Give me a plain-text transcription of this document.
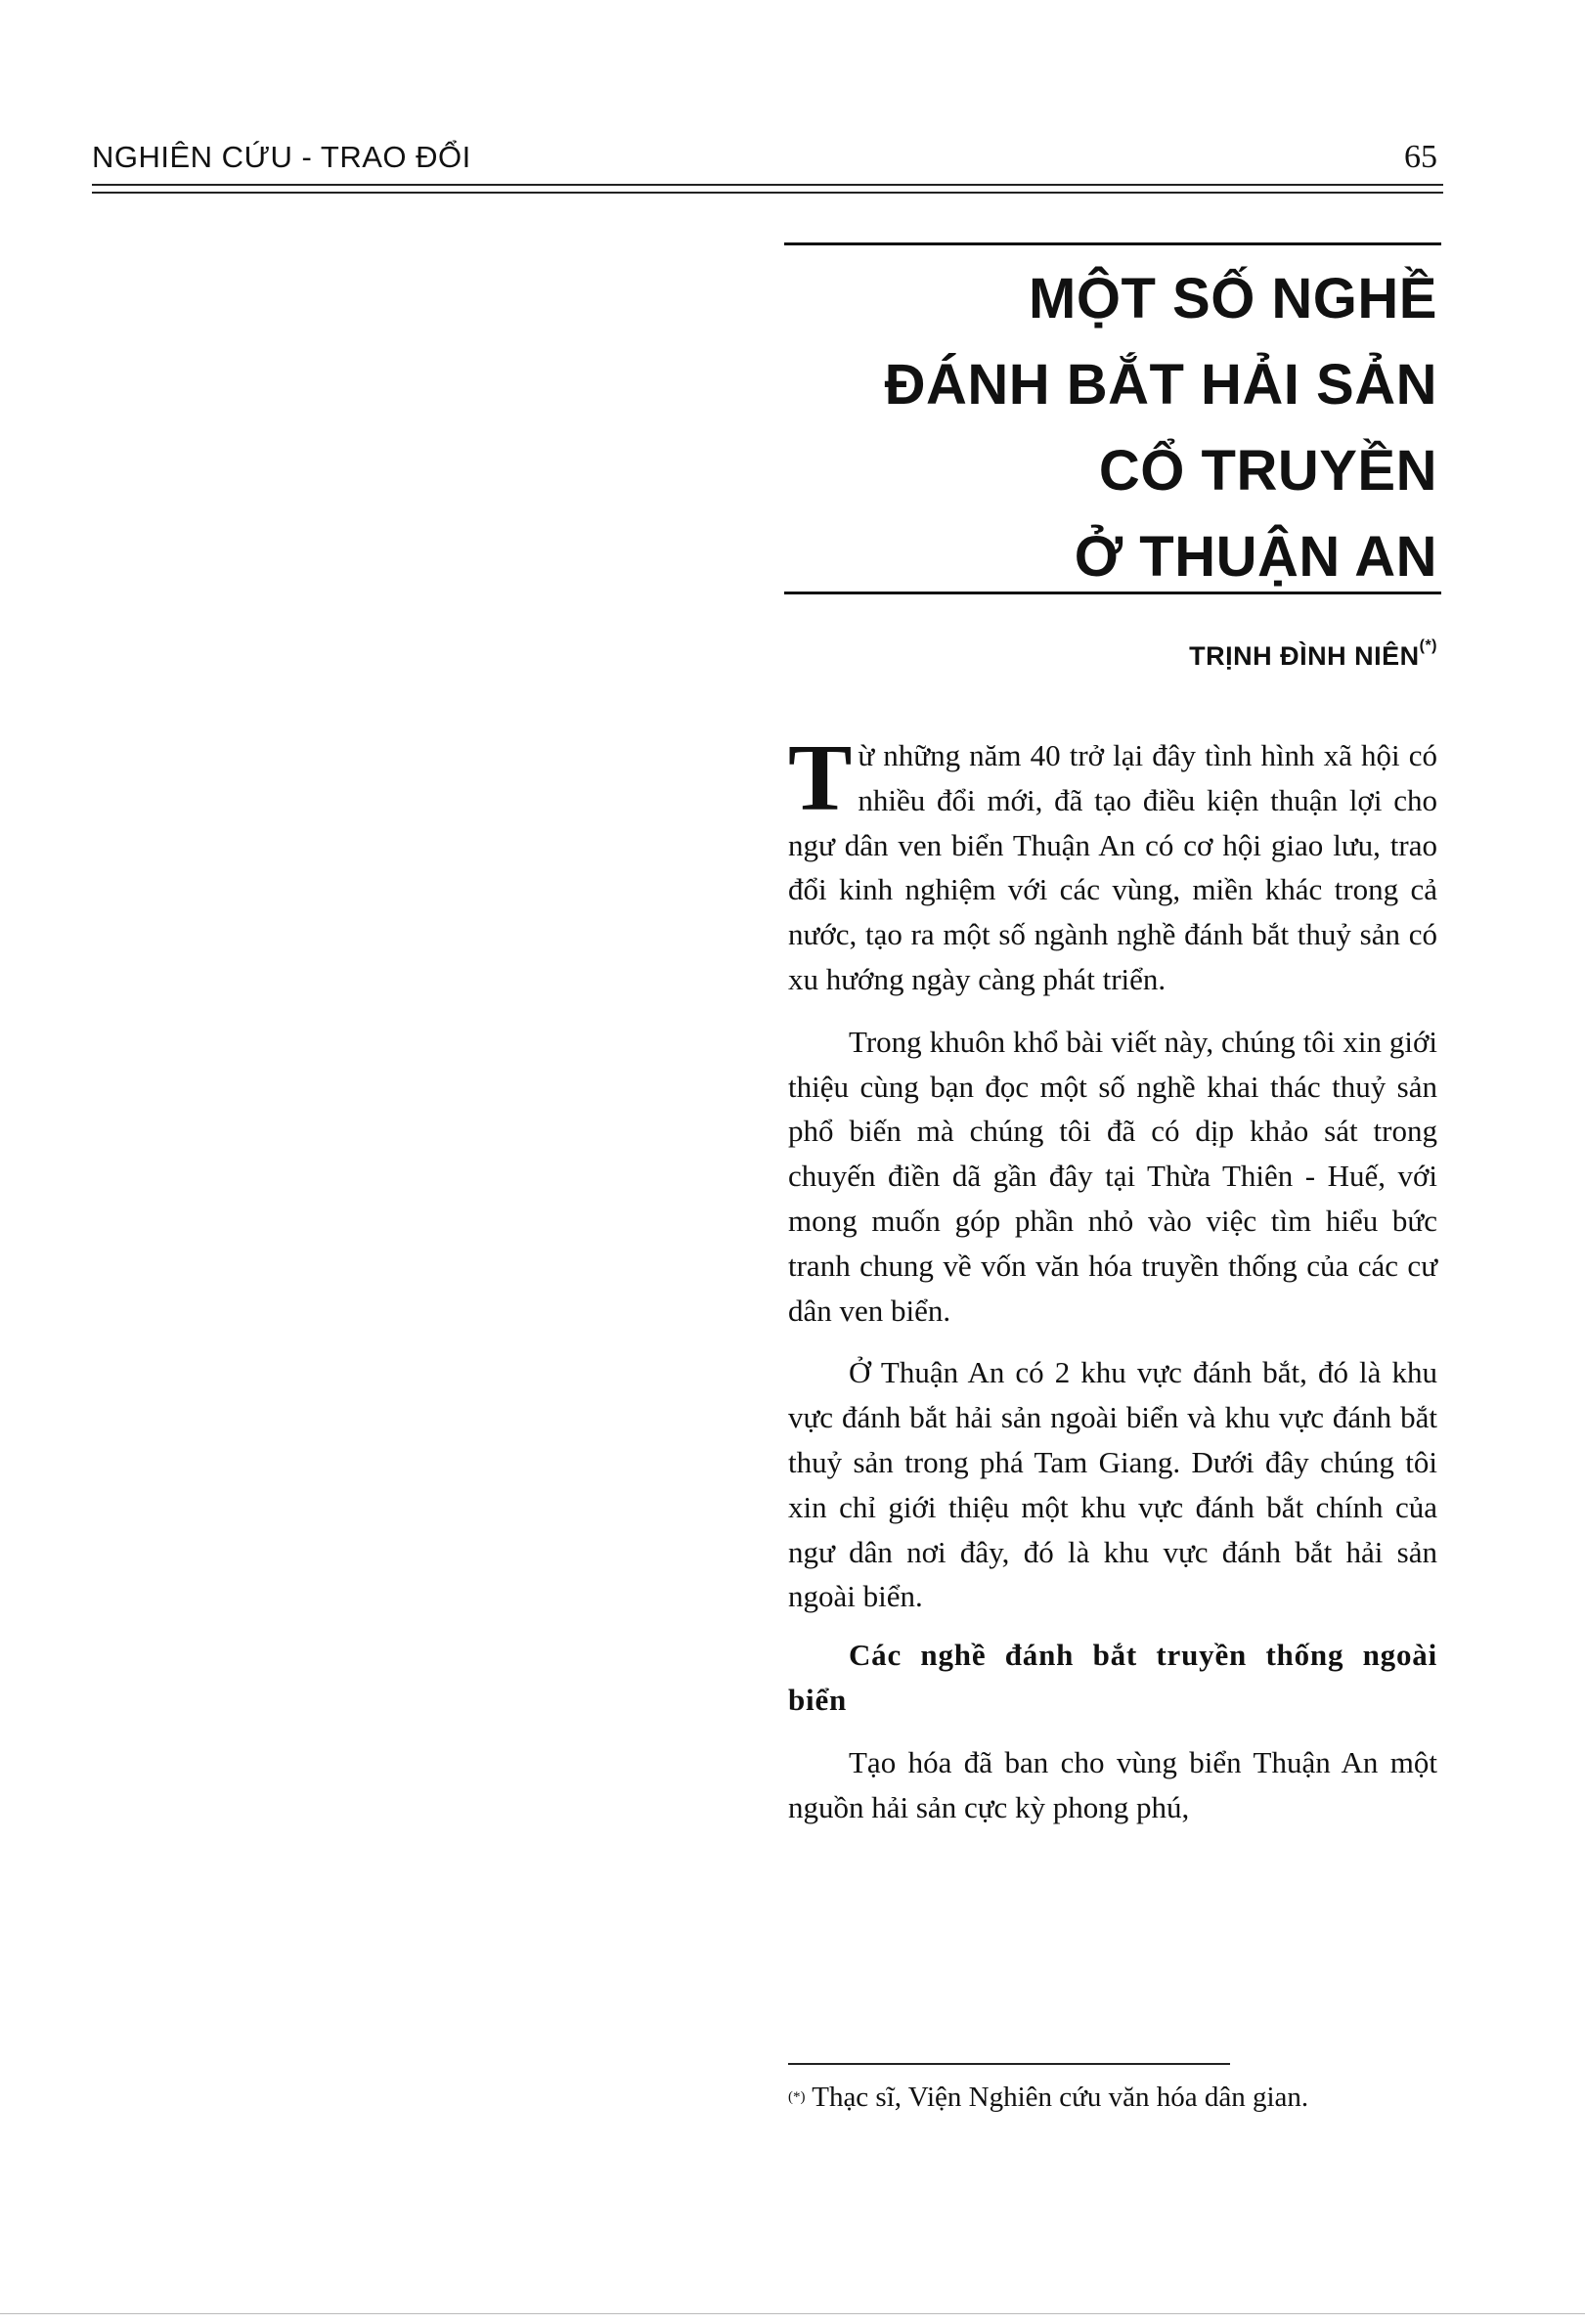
NGHIÊN CỨU - TRAO ĐỔI	65
MỘT SỐ NGHỀ
ĐÁNH BẮT HẢI SẢN
CỔ TRUYỀN
Ở THUẬN AN
TRỊNH ĐÌNH NIÊN(*)

Từ những năm 40 trở lại đây tình hình xã hội có nhiều đổi mới, đã tạo điều kiện thuận lợi cho ngư dân ven biển Thuận An có cơ hội giao lưu, trao đổi kinh nghiệm với các vùng, miền khác trong cả nước, tạo ra một số ngành nghề đánh bắt thuỷ sản có xu hướng ngày càng phát triển.

Trong khuôn khổ bài viết này, chúng tôi xin giới thiệu cùng bạn đọc một số nghề khai thác thuỷ sản phổ biến mà chúng tôi đã có dịp khảo sát trong chuyến điền dã gần đây tại Thừa Thiên - Huế, với mong muốn góp phần nhỏ vào việc tìm hiểu bức tranh chung về vốn văn hóa truyền thống của các cư dân ven biển.

Ở Thuận An có 2 khu vực đánh bắt, đó là khu vực đánh bắt hải sản ngoài biển và khu vực đánh bắt thuỷ sản trong phá Tam Giang. Dưới đây chúng tôi xin chỉ giới thiệu một khu vực đánh bắt chính của ngư dân nơi đây, đó là khu vực đánh bắt hải sản ngoài biển.

Các nghề đánh bắt truyền thống ngoài biển

Tạo hóa đã ban cho vùng biển Thuận An một nguồn hải sản cực kỳ phong phú,

(*) Thạc sĩ, Viện Nghiên cứu văn hóa dân gian.
